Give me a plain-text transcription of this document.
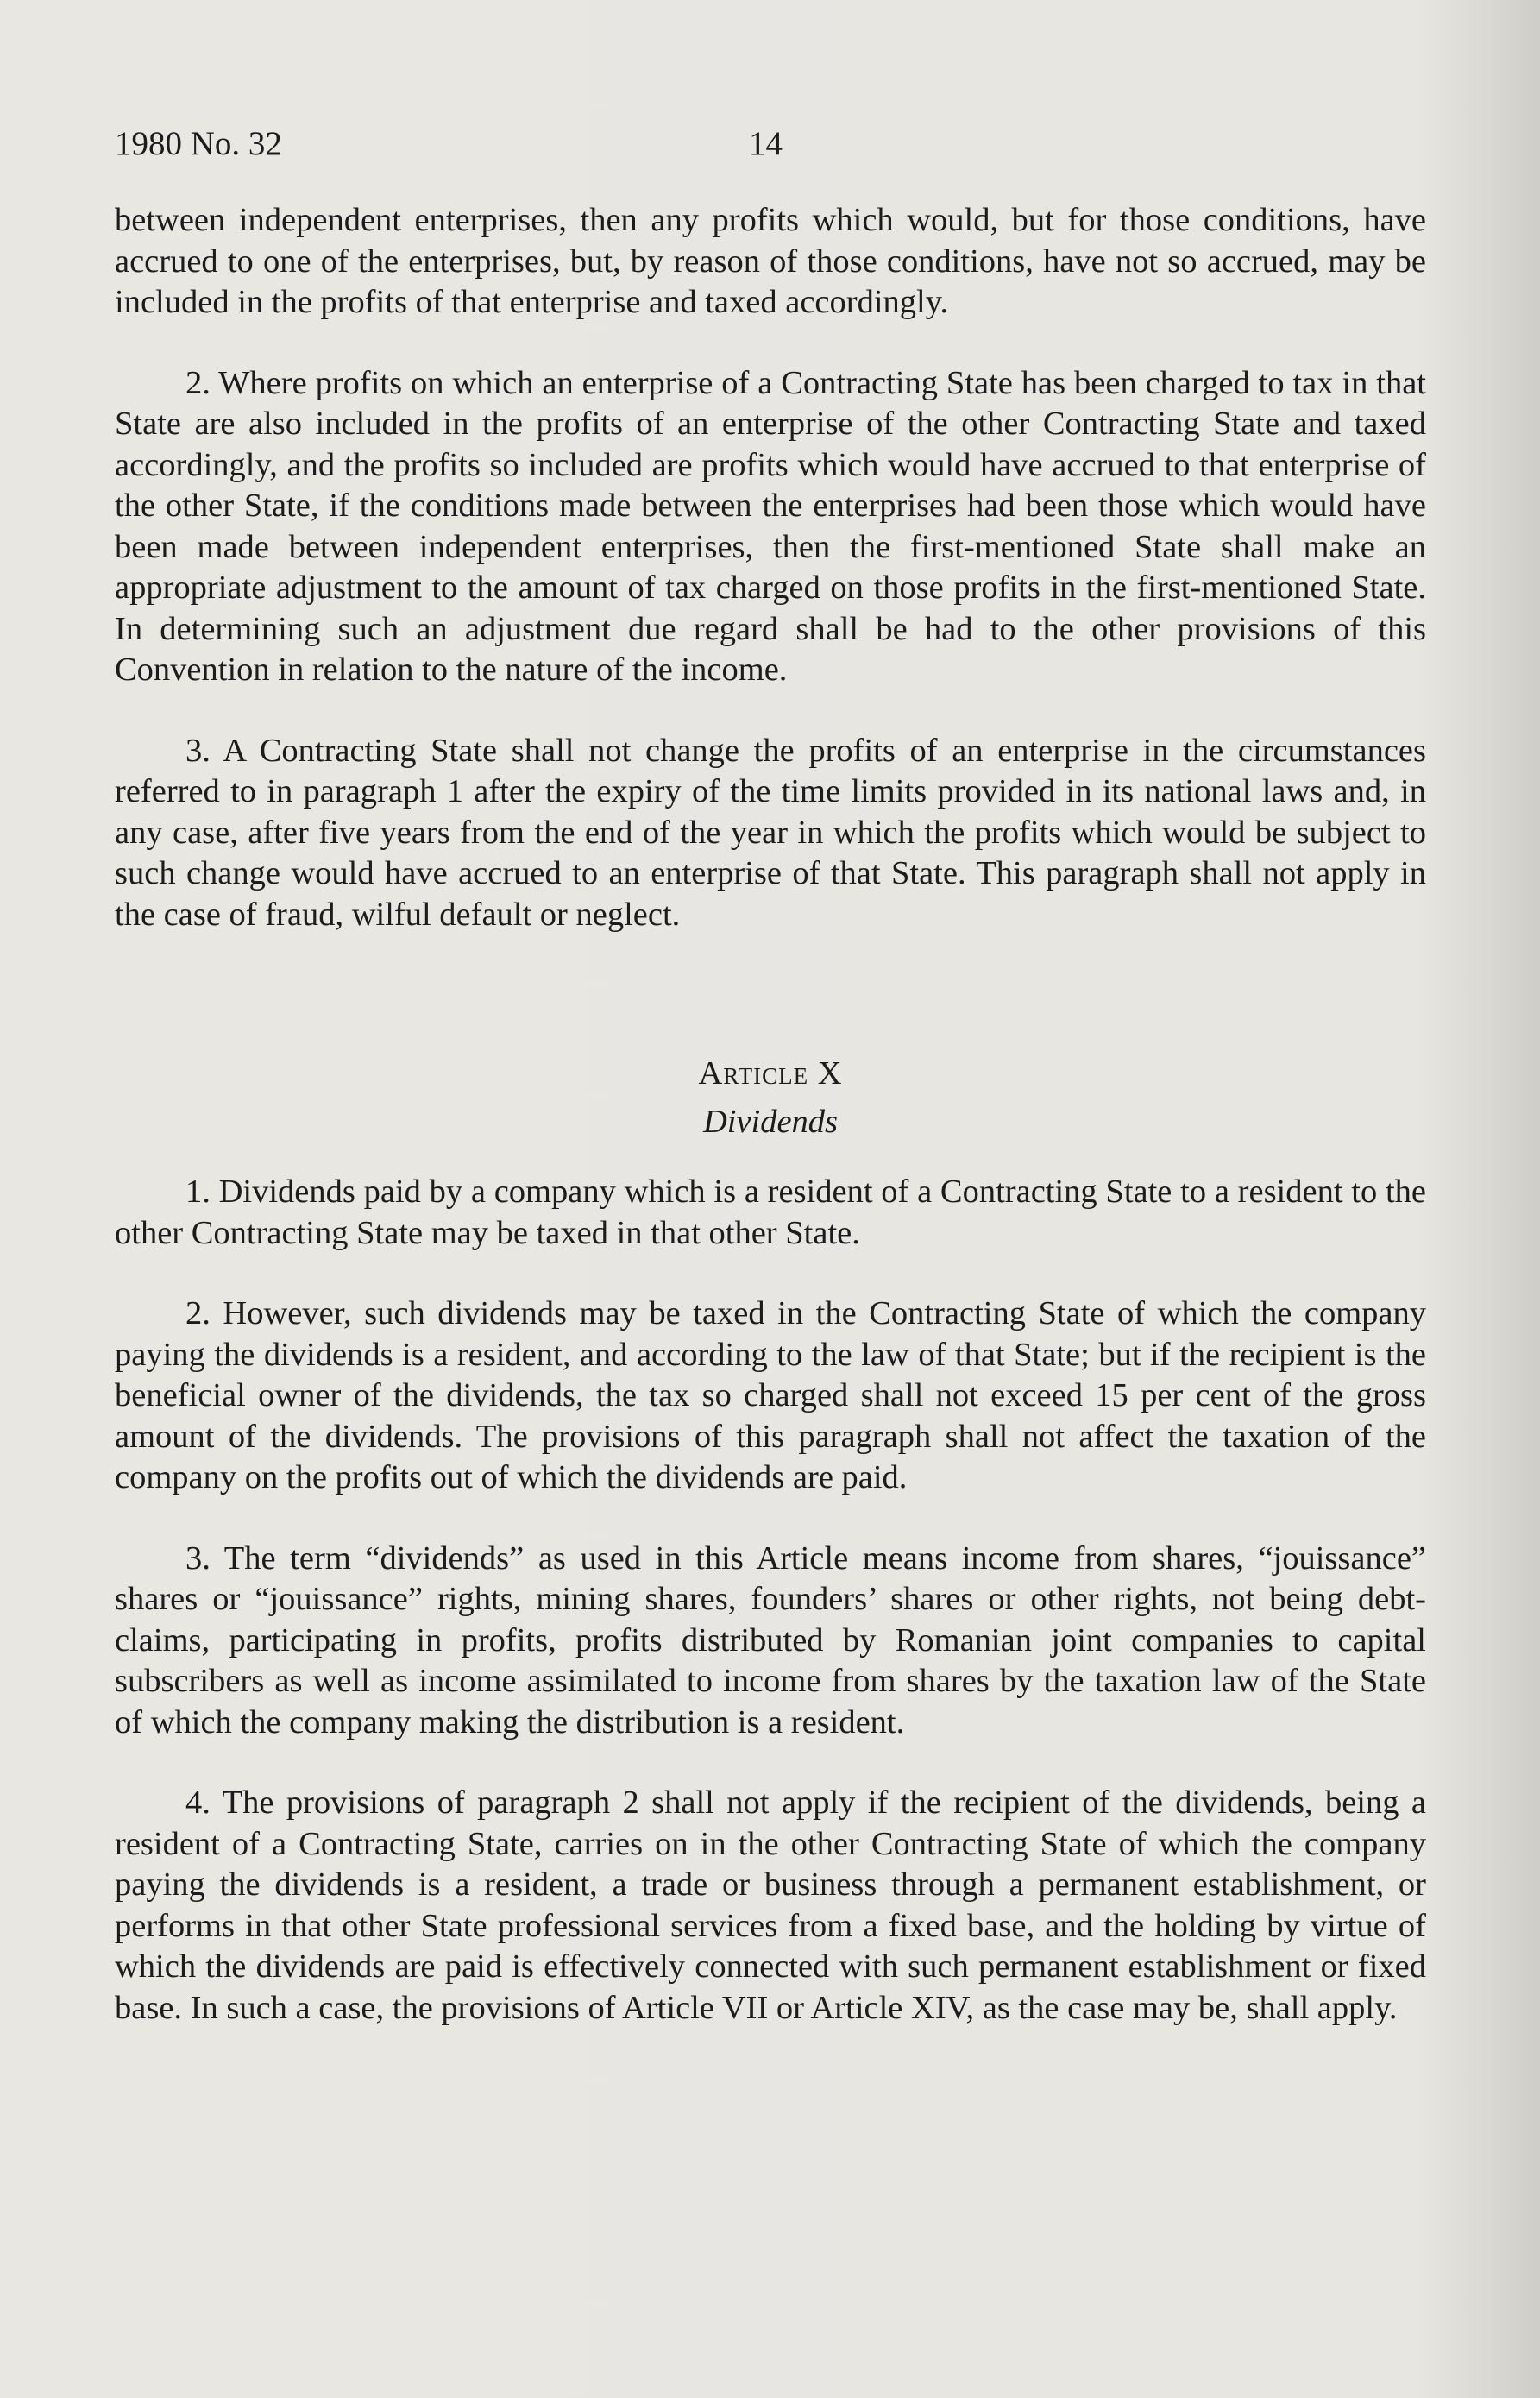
1980 No. 32	14

between independent enterprises, then any profits which would, but for those conditions, have accrued to one of the enterprises, but, by reason of those conditions, have not so accrued, may be included in the profits of that enterprise and taxed accordingly.

2. Where profits on which an enterprise of a Contracting State has been charged to tax in that State are also included in the profits of an enterprise of the other Contracting State and taxed accordingly, and the profits so included are profits which would have accrued to that enterprise of the other State, if the conditions made between the enterprises had been those which would have been made between independent enterprises, then the first-mentioned State shall make an appropriate adjustment to the amount of tax charged on those profits in the first-mentioned State. In determining such an adjustment due regard shall be had to the other provisions of this Convention in relation to the nature of the income.

3. A Contracting State shall not change the profits of an enterprise in the circumstances referred to in paragraph 1 after the expiry of the time limits provided in its national laws and, in any case, after five years from the end of the year in which the profits which would be subject to such change would have accrued to an enterprise of that State. This paragraph shall not apply in the case of fraud, wilful default or neglect.

Article X
Dividends

1. Dividends paid by a company which is a resident of a Contracting State to a resident to the other Contracting State may be taxed in that other State.

2. However, such dividends may be taxed in the Contracting State of which the company paying the dividends is a resident, and according to the law of that State; but if the recipient is the beneficial owner of the dividends, the tax so charged shall not exceed 15 per cent of the gross amount of the dividends. The provisions of this paragraph shall not affect the taxation of the company on the profits out of which the dividends are paid.

3. The term “dividends” as used in this Article means income from shares, “jouissance” shares or “jouissance” rights, mining shares, founders’ shares or other rights, not being debt-claims, participating in profits, profits distributed by Romanian joint companies to capital subscribers as well as income assimilated to income from shares by the taxation law of the State of which the company making the distribution is a resident.

4. The provisions of paragraph 2 shall not apply if the recipient of the dividends, being a resident of a Contracting State, carries on in the other Contracting State of which the company paying the dividends is a resident, a trade or business through a permanent establishment, or performs in that other State professional services from a fixed base, and the holding by virtue of which the dividends are paid is effectively connected with such permanent establishment or fixed base. In such a case, the provisions of Article VII or Article XIV, as the case may be, shall apply.
